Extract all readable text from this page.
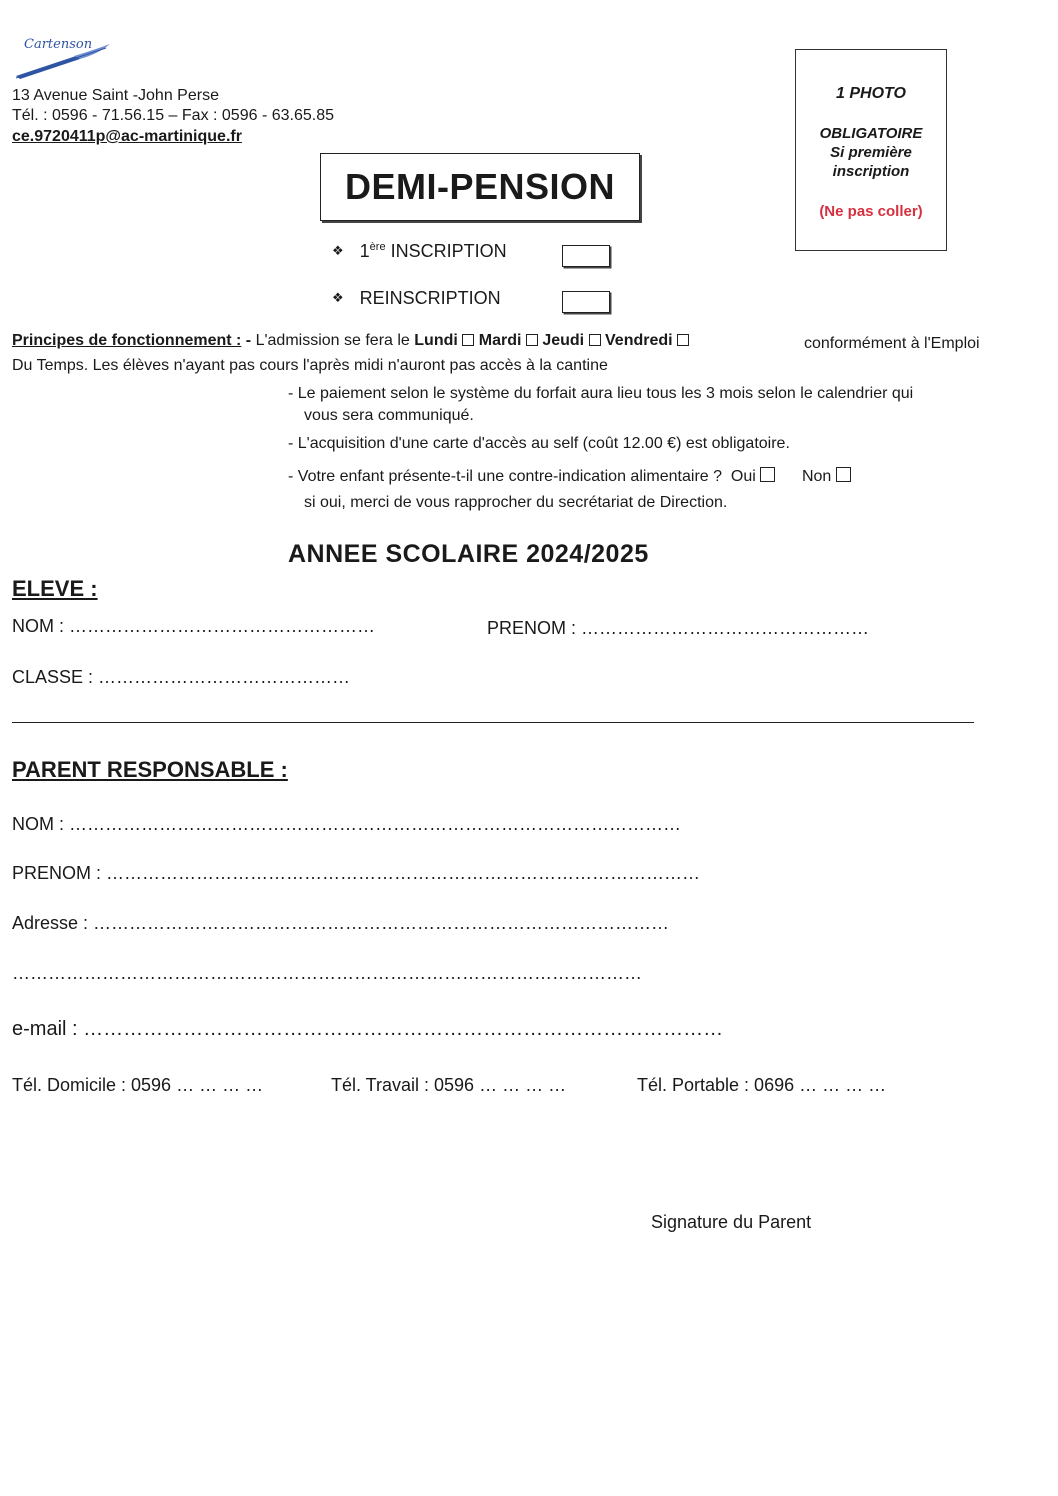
Cartenson
13 Avenue Saint -John Perse
Tél. : 0596 - 71.56.15 – Fax : 0596 - 63.65.85
ce.9720411p@ac-martinique.fr
1 PHOTO
OBLIGATOIRE
Si première
inscription
(Ne pas coller)
DEMI-PENSION
❖ 1ère INSCRIPTION
❖ REINSCRIPTION
Principes de fonctionnement : - L'admission se fera le Lundi Mardi Jeudi Vendredi	conformément à l'Emploi
Du Temps. Les élèves n'ayant pas cours l'après midi n'auront pas accès à la cantine
- Le paiement selon le système du forfait aura lieu tous les 3 mois selon le calendrier qui
vous sera communiqué.
- L'acquisition d'une carte d'accès au self (coût 12.00 €) est obligatoire.
- Votre enfant présente-t-il une contre-indication alimentaire ? Oui	Non
si oui, merci de vous rapprocher du secrétariat de Direction.
ANNEE SCOLAIRE 2024/2025
ELEVE :
NOM : ……………………………………………	PRENOM : …………………………………………
CLASSE : ……………………………………
PARENT RESPONSABLE :
NOM : …………………………………………………………………………………………
PRENOM : ………………………………………………………………………………………
Adresse : ……………………………………………………………………………………
……………………………………………………………………………………………
e-mail : ……………………………………………………………………………………
Tél. Domicile : 0596 … … … …	Tél. Travail : 0596 … … … …	Tél. Portable : 0696 … … … …
Signature du Parent
